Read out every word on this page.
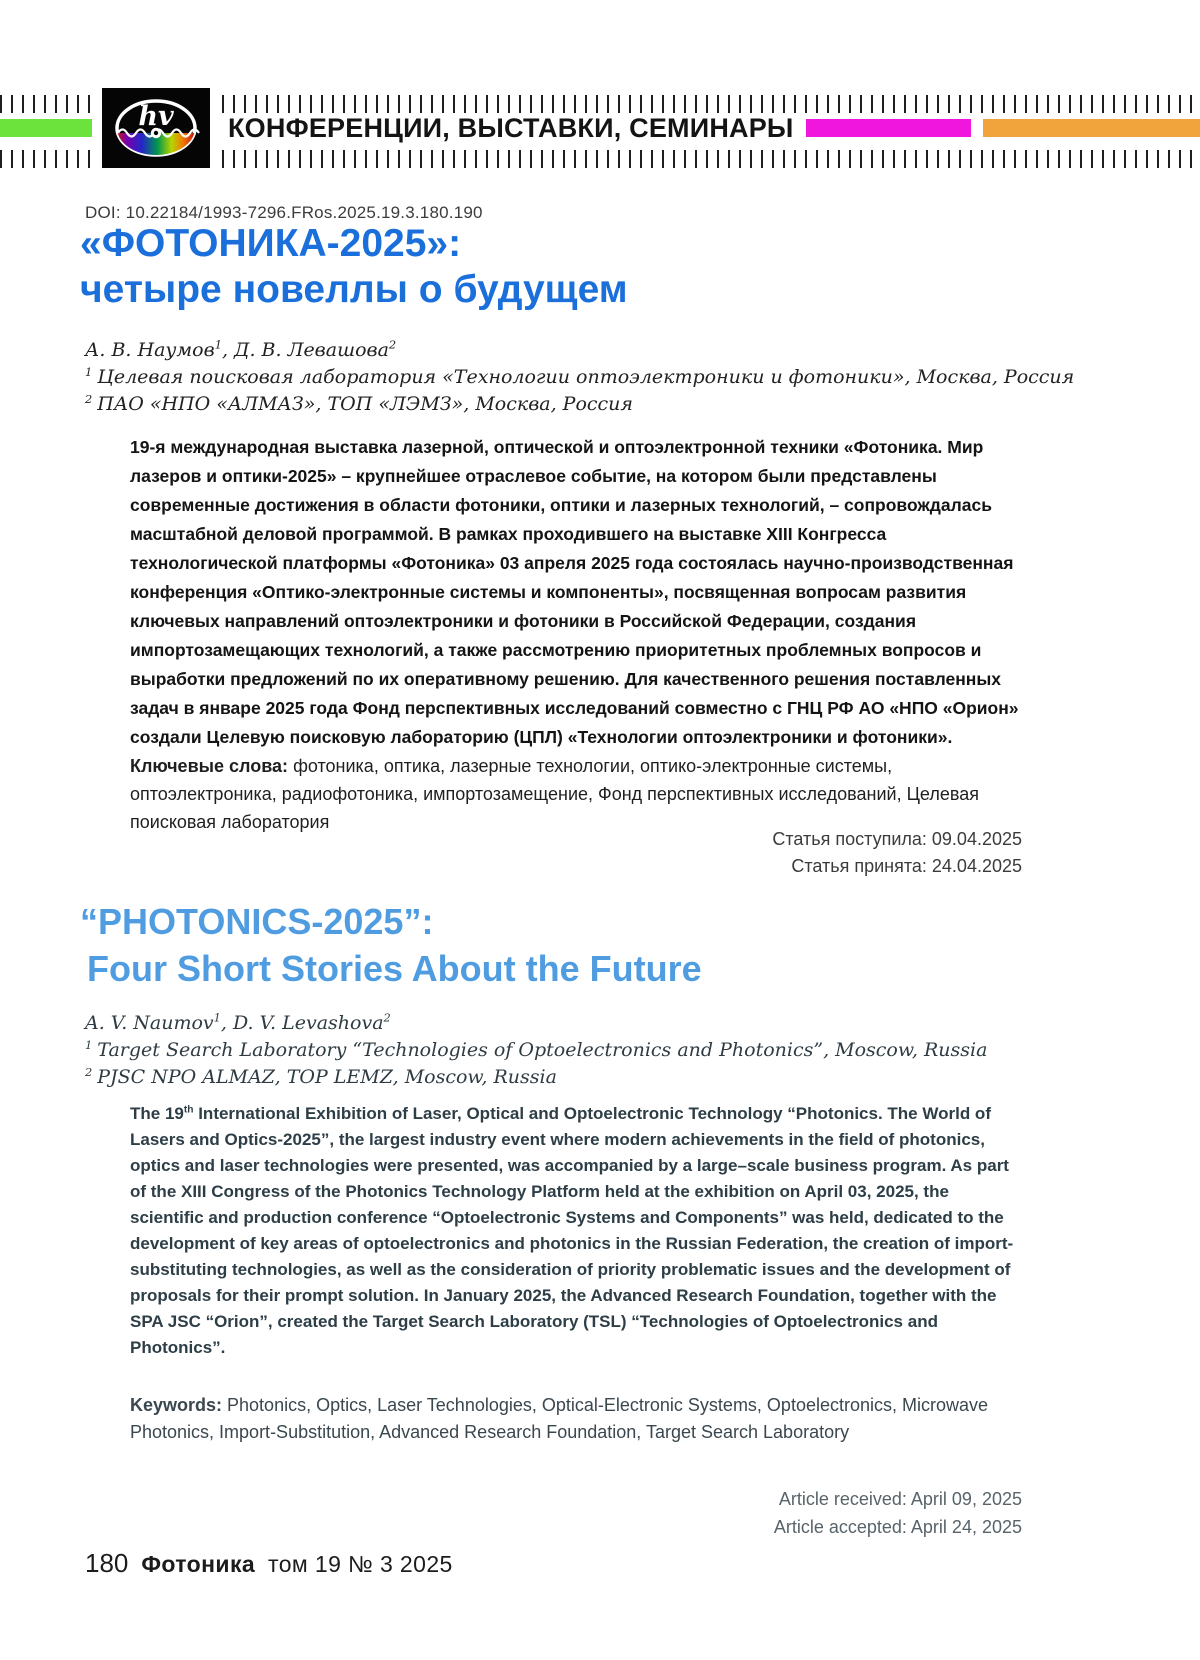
hv КОНФЕРЕНЦИИ, ВЫСТАВКИ, СЕМИНАРЫ
DOI: 10.22184/1993-7296.FRos.2025.19.3.180.190
«ФОТОНИКА-2025»:
четыре новеллы о будущем

А. В. Наумов$^1$, Д. В. Левашова$^2$

$^1$ Целевая поисковая лаборатория «Технологии оптоэлектроники и фотоники», Москва, Россия

$^2$ ПАО «НПО «АЛМАЗ», ТОП «ЛЭМЗ», Москва, Россия

19-я международная выставка лазерной, оптической и оптоэлектронной техники «Фотоника. Мир лазеров и оптики-2025» – крупнейшее отраслевое событие, на котором были представлены современные достижения в области фотоники, оптики и лазерных технологий, – сопровождалась масштабной деловой программой. В рамках проходившего на выставке XIII Конгресса технологической платформы «Фотоника» 03 апреля 2025 года состоялась научно-производственная конференция «Оптико-электронные системы и компоненты», посвященная вопросам развития ключевых направлений оптоэлектроники и фотоники в Российской Федерации, создания импортозамещающих технологий, а также рассмотрению приоритетных проблемных вопросов и выработки предложений по их оперативному решению. Для качественного решения поставленных задач в январе 2025 года Фонд перспективных исследований совместно с ГНЦ РФ АО «НПО «Орион» создали Целевую поисковую лабораторию (ЦПЛ) «Технологии оптоэлектроники и фотоники».

Ключевые слова: фотоника, оптика, лазерные технологии, оптико-электронные системы, оптоэлектроника, радиофотоника, импортозамещение, Фонд перспективных исследований, Целевая поисковая лаборатория

Статья поступила: 09.04.2025

Статья принята: 24.04.2025

“PHOTONICS-2025”:
Four Short Stories About the Future

A. V. Naumov$^1$, D. V. Levashova$^2$

$^1$ Target Search Laboratory “Technologies of Optoelectronics and Photonics”, Moscow, Russia

$^2$ PJSC NPO ALMAZ, TOP LEMZ, Moscow, Russia

The 19th International Exhibition of Laser, Optical and Optoelectronic Technology “Photonics. The World of Lasers and Optics-2025”, the largest industry event where modern achievements in the field of photonics, optics and laser technologies were presented, was accompanied by a large–scale business program. As part of the XIII Congress of the Photonics Technology Platform held at the exhibition on April 03, 2025, the scientific and production conference “Optoelectronic Systems and Components” was held, dedicated to the development of key areas of optoelectronics and photonics in the Russian Federation, the creation of import-substituting technologies, as well as the consideration of priority problematic issues and the development of proposals for their prompt solution. In January 2025, the Advanced Research Foundation, together with the SPA JSC “Orion”, created the Target Search Laboratory (TSL) “Technologies of Optoelectronics and Photonics”.

Keywords: Photonics, Optics, Laser Technologies, Optical-Electronic Systems, Optoelectronics, Microwave Photonics, Import-Substitution, Advanced Research Foundation, Target Search Laboratory

Article received: April 09, 2025

Article accepted: April 24, 2025

180 Фотоника том 19 № 3 2025
